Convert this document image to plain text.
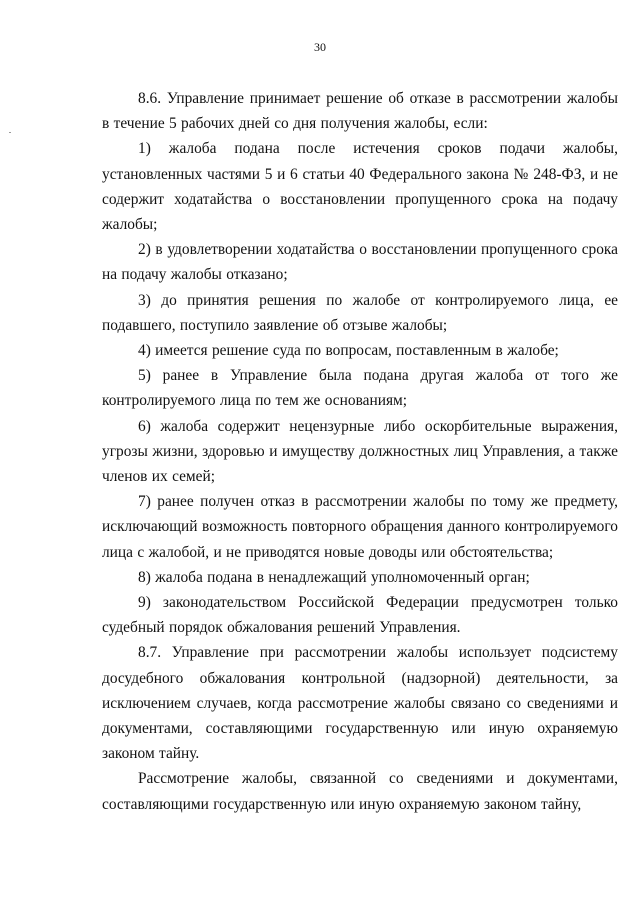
30

8.6. Управление принимает решение об отказе в рассмотрении жалобы в течение 5 рабочих дней со дня получения жалобы, если:

1) жалоба подана после истечения сроков подачи жалобы, установленных частями 5 и 6 статьи 40 Федерального закона № 248-ФЗ, и не содержит ходатайства о восстановлении пропущенного срока на подачу жалобы;

2) в удовлетворении ходатайства о восстановлении пропущенного срока на подачу жалобы отказано;

3) до принятия решения по жалобе от контролируемого лица, ее подавшего, поступило заявление об отзыве жалобы;

4) имеется решение суда по вопросам, поставленным в жалобе;

5) ранее в Управление была подана другая жалоба от того же контролируемого лица по тем же основаниям;

6) жалоба содержит нецензурные либо оскорбительные выражения, угрозы жизни, здоровью и имуществу должностных лиц Управления, а также членов их семей;

7) ранее получен отказ в рассмотрении жалобы по тому же предмету, исключающий возможность повторного обращения данного контролируемого лица с жалобой, и не приводятся новые доводы или обстоятельства;

8) жалоба подана в ненадлежащий уполномоченный орган;

9) законодательством Российской Федерации предусмотрен только судебный порядок обжалования решений Управления.

8.7. Управление при рассмотрении жалобы использует подсистему досудебного обжалования контрольной (надзорной) деятельности, за исключением случаев, когда рассмотрение жалобы связано со сведениями и документами, составляющими государственную или иную охраняемую законом тайну.

Рассмотрение жалобы, связанной со сведениями и документами, составляющими государственную или иную охраняемую законом тайну,
